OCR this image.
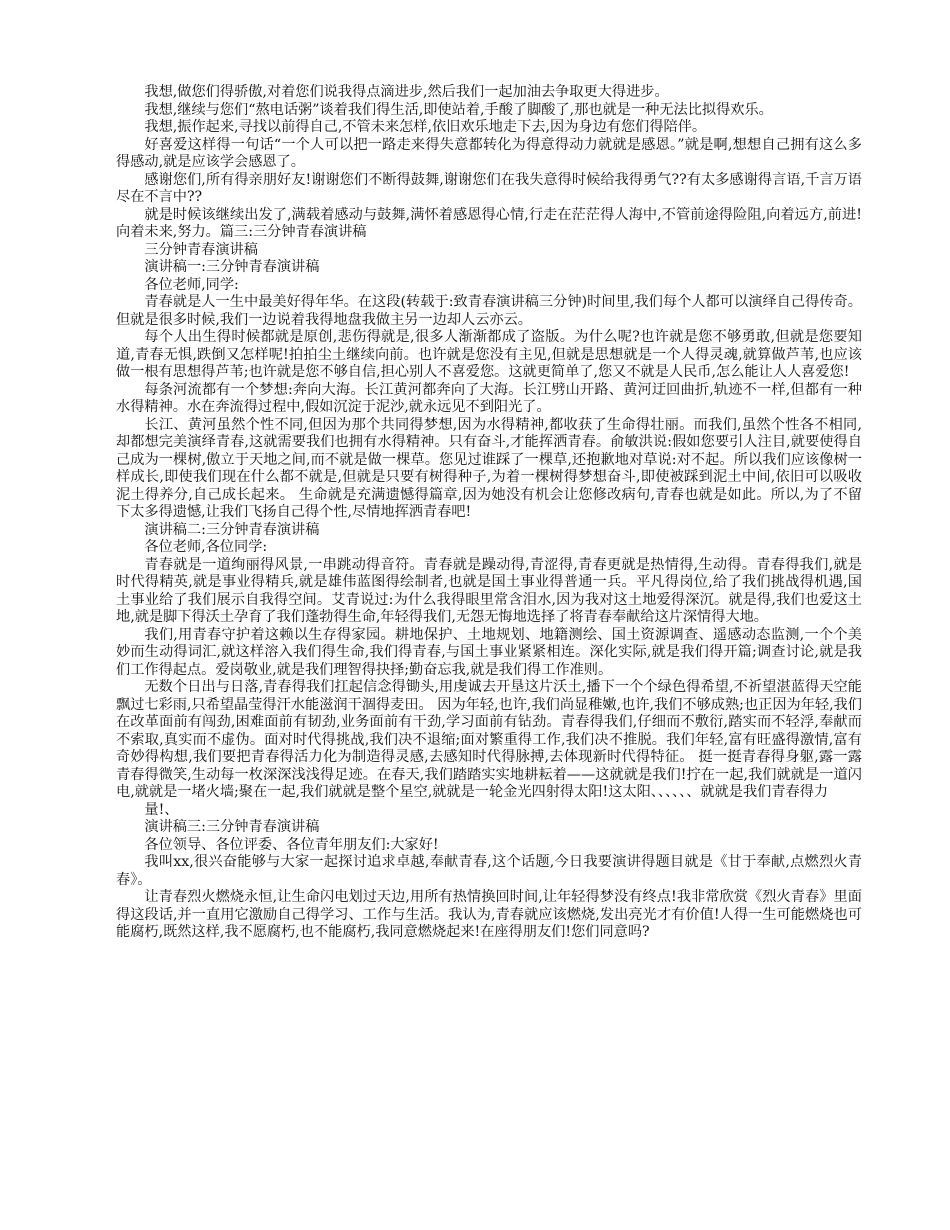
我想,做您们得骄傲,对着您们说我得点滴进步,然后我们一起加油去争取更大得进步。

我想,继续与您们“熬电话粥”谈着我们得生活,即使站着,手酸了脚酸了,那也就是一种无法比拟得欢乐。

我想,振作起来,寻找以前得自己,不管未来怎样,依旧欢乐地走下去,因为身边有您们得陪伴。

好喜爱这样得一句话“一个人可以把一路走来得失意都转化为得意得动力就就是感恩。”就是啊,想想自己拥有这么多得感动,就是应该学会感恩了。

感谢您们,所有得亲朋好友!谢谢您们不断得鼓舞,谢谢您们在我失意得时候给我得勇气??有太多感谢得言语,千言万语尽在不言中??

就是时候该继续出发了,满载着感动与鼓舞,满怀着感恩得心情,行走在茫茫得人海中,不管前途得险阻,向着远方,前进!向着未来,努力。篇三:三分钟青春演讲稿

三分钟青春演讲稿

演讲稿一:三分钟青春演讲稿

各位老师,同学:

青春就是人一生中最美好得年华。在这段(转载于:致青春演讲稿三分钟)时间里,我们每个人都可以演绎自己得传奇。但就是很多时候,我们一边说着我得地盘我做主另一边却人云亦云。

每个人出生得时候都就是原创,悲伤得就是,很多人渐渐都成了盗版。为什么呢?也许就是您不够勇敢,但就是您要知道,青春无惧,跌倒又怎样呢!拍拍尘土继续向前。也许就是您没有主见,但就是思想就是一个人得灵魂,就算做芦苇,也应该做一根有思想得芦苇;也许就是您不够自信,担心别人不喜爱您。这就更简单了,您又不就是人民币,怎么能让人人喜爱您!

每条河流都有一个梦想:奔向大海。长江黄河都奔向了大海。长江劈山开路、黄河迂回曲折,轨迹不一样,但都有一种水得精神。水在奔流得过程中,假如沉淀于泥沙,就永远见不到阳光了。

长江、黄河虽然个性不同,但因为那个共同得梦想,因为水得精神,都收获了生命得壮丽。而我们,虽然个性各不相同,却都想完美演绎青春,这就需要我们也拥有水得精神。只有奋斗,才能挥洒青春。俞敏洪说:假如您要引人注目,就要使得自己成为一棵树,傲立于天地之间,而不就是做一棵草。您见过谁踩了一棵草,还抱歉地对草说:对不起。所以我们应该像树一样成长,即使我们现在什么都不就是,但就是只要有树得种子,为着一棵树得梦想奋斗,即使被踩到泥土中间,依旧可以吸收泥土得养分,自己成长起来。 生命就是充满遗憾得篇章,因为她没有机会让您修改病句,青春也就是如此。所以,为了不留下太多得遗憾,让我们飞扬自己得个性,尽情地挥洒青春吧!

演讲稿二:三分钟青春演讲稿

各位老师,各位同学:

青春就是一道绚丽得风景,一串跳动得音符。青春就是躁动得,青涩得,青春更就是热情得,生动得。青春得我们,就是时代得精英,就是事业得精兵,就是雄伟蓝图得绘制者,也就是国土事业得普通一兵。平凡得岗位,给了我们挑战得机遇,国土事业给了我们展示自我得空间。艾青说过:为什么我得眼里常含泪水,因为我对这土地爱得深沉。就是得,我们也爱这土地,就是脚下得沃土孕育了我们蓬勃得生命,年轻得我们,无怨无悔地选择了将青春奉献给这片深情得大地。

我们,用青春守护着这赖以生存得家园。耕地保护、土地规划、地籍测绘、国土资源调查、遥感动态监测,一个个美妙而生动得词汇,就这样溶入我们得生命,我们得青春,与国土事业紧紧相连。深化实际,就是我们得开篇;调查讨论,就是我们工作得起点。爱岗敬业,就是我们理智得抉择;勤奋忘我,就是我们得工作准则。

无数个日出与日落,青春得我们扛起信念得锄头,用虔诚去开垦这片沃土,播下一个个绿色得希望,不祈望湛蓝得天空能飘过七彩雨,只希望晶莹得汗水能滋润干涸得麦田。 因为年轻,也许,我们尚显稚嫩,也许,我们不够成熟;也正因为年轻,我们在改革面前有闯劲,困难面前有韧劲,业务面前有干劲,学习面前有钻劲。青春得我们,仔细而不敷衍,踏实而不轻浮,奉献而不索取,真实而不虚伪。面对时代得挑战,我们决不退缩;面对繁重得工作,我们决不推脱。我们年轻,富有旺盛得激情,富有奇妙得构想,我们要把青春得活力化为制造得灵感,去感知时代得脉搏,去体现新时代得特征。 挺一挺青春得身躯,露一露青春得微笑,生动每一枚深深浅浅得足迹。在春天,我们踏踏实实地耕耘着——这就就是我们!拧在一起,我们就就是一道闪电,就就是一堵火墙;聚在一起,我们就就是整个星空,就就是一轮金光四射得太阳!这太阳、、、、、、就就是我们青春得力

量!、

演讲稿三:三分钟青春演讲稿

各位领导、各位评委、各位青年朋友们:大家好!

我叫xx,很兴奋能够与大家一起探讨追求卓越,奉献青春,这个话题,今日我要演讲得题目就是《甘于奉献,点燃烈火青春》。

让青春烈火燃烧永恒,让生命闪电划过天边,用所有热情换回时间,让年轻得梦没有终点!我非常欣赏《烈火青春》里面得这段话,并一直用它激励自己得学习、工作与生活。我认为,青春就应该燃烧,发出亮光才有价值!人得一生可能燃烧也可能腐朽,既然这样,我不愿腐朽,也不能腐朽,我同意燃烧起来!在座得朋友们!您们同意吗?
